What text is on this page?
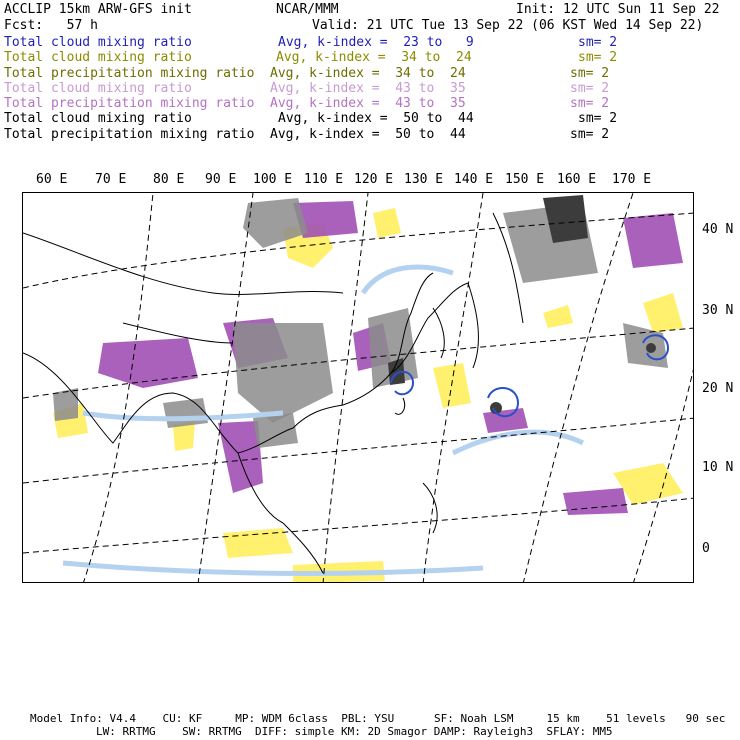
ACCLIP 15km ARW-GFS init	NCAR/MMM	Init: 12 UTC Sun 11 Sep 22
Fcst:   57 h	Valid: 21 UTC Tue 13 Sep 22 (06 KST Wed 14 Sep 22)
Total cloud mixing ratio	Avg, k-index =  23 to   9	sm= 2
Total cloud mixing ratio	Avg, k-index =  34 to  24	sm= 2
Total precipitation mixing ratio Avg, k-index =  34 to  24	sm= 2
Total cloud mixing ratio	Avg, k-index =  43 to  35	sm= 2
Total precipitation mixing ratio Avg, k-index =  43 to  35	sm= 2
Total cloud mixing ratio	Avg, k-index =  50 to  44	sm= 2
Total precipitation mixing ratio Avg, k-index =  50 to  44	sm= 2
60 E 70 E 80 E 90 E 100 E 110 E 120 E 130 E 140 E 150 E 160 E 170 E
40 N
30 N
20 N
10 N
0
Model Info: V4.4    CU: KF     MP: WDM 6class  PBL: YSU      SF: Noah LSM     15 km    51 levels   90 sec
LW: RRTMG    SW: RRTMG  DIFF: simple KM: 2D Smagor DAMP: Rayleigh3  SFLAY: MM5
